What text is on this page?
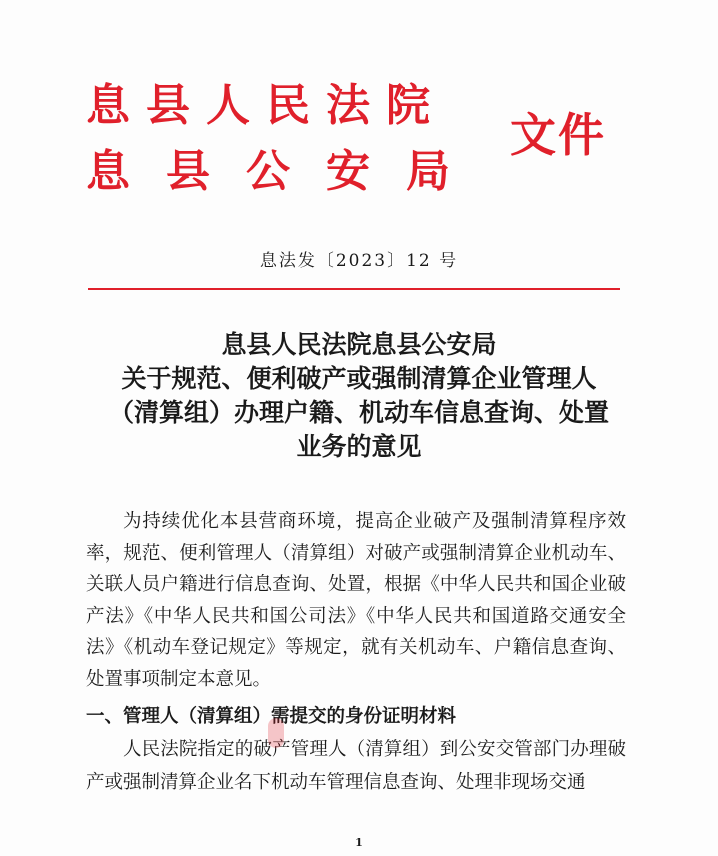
息县人民法院
息县公安局
文件
息法发〔2023〕12 号
息县人民法院息县公安局
关于规范、便利破产或强制清算企业管理人
（清算组）办理户籍、机动车信息查询、处置
业务的意见

为持续优化本县营商环境，提高企业破产及强制清算程序效率，规范、便利管理人（清算组）对破产或强制清算企业机动车、关联人员户籍进行信息查询、处置，根据《中华人民共和国企业破产法》《中华人民共和国公司法》《中华人民共和国道路交通安全法》《机动车登记规定》等规定，就有关机动车、户籍信息查询、处置事项制定本意见。

一、管理人（清算组）需提交的身份证明材料

人民法院指定的破产管理人（清算组）到公安交管部门办理破产或强制清算企业名下机动车管理信息查询、处理非现场交通

1
